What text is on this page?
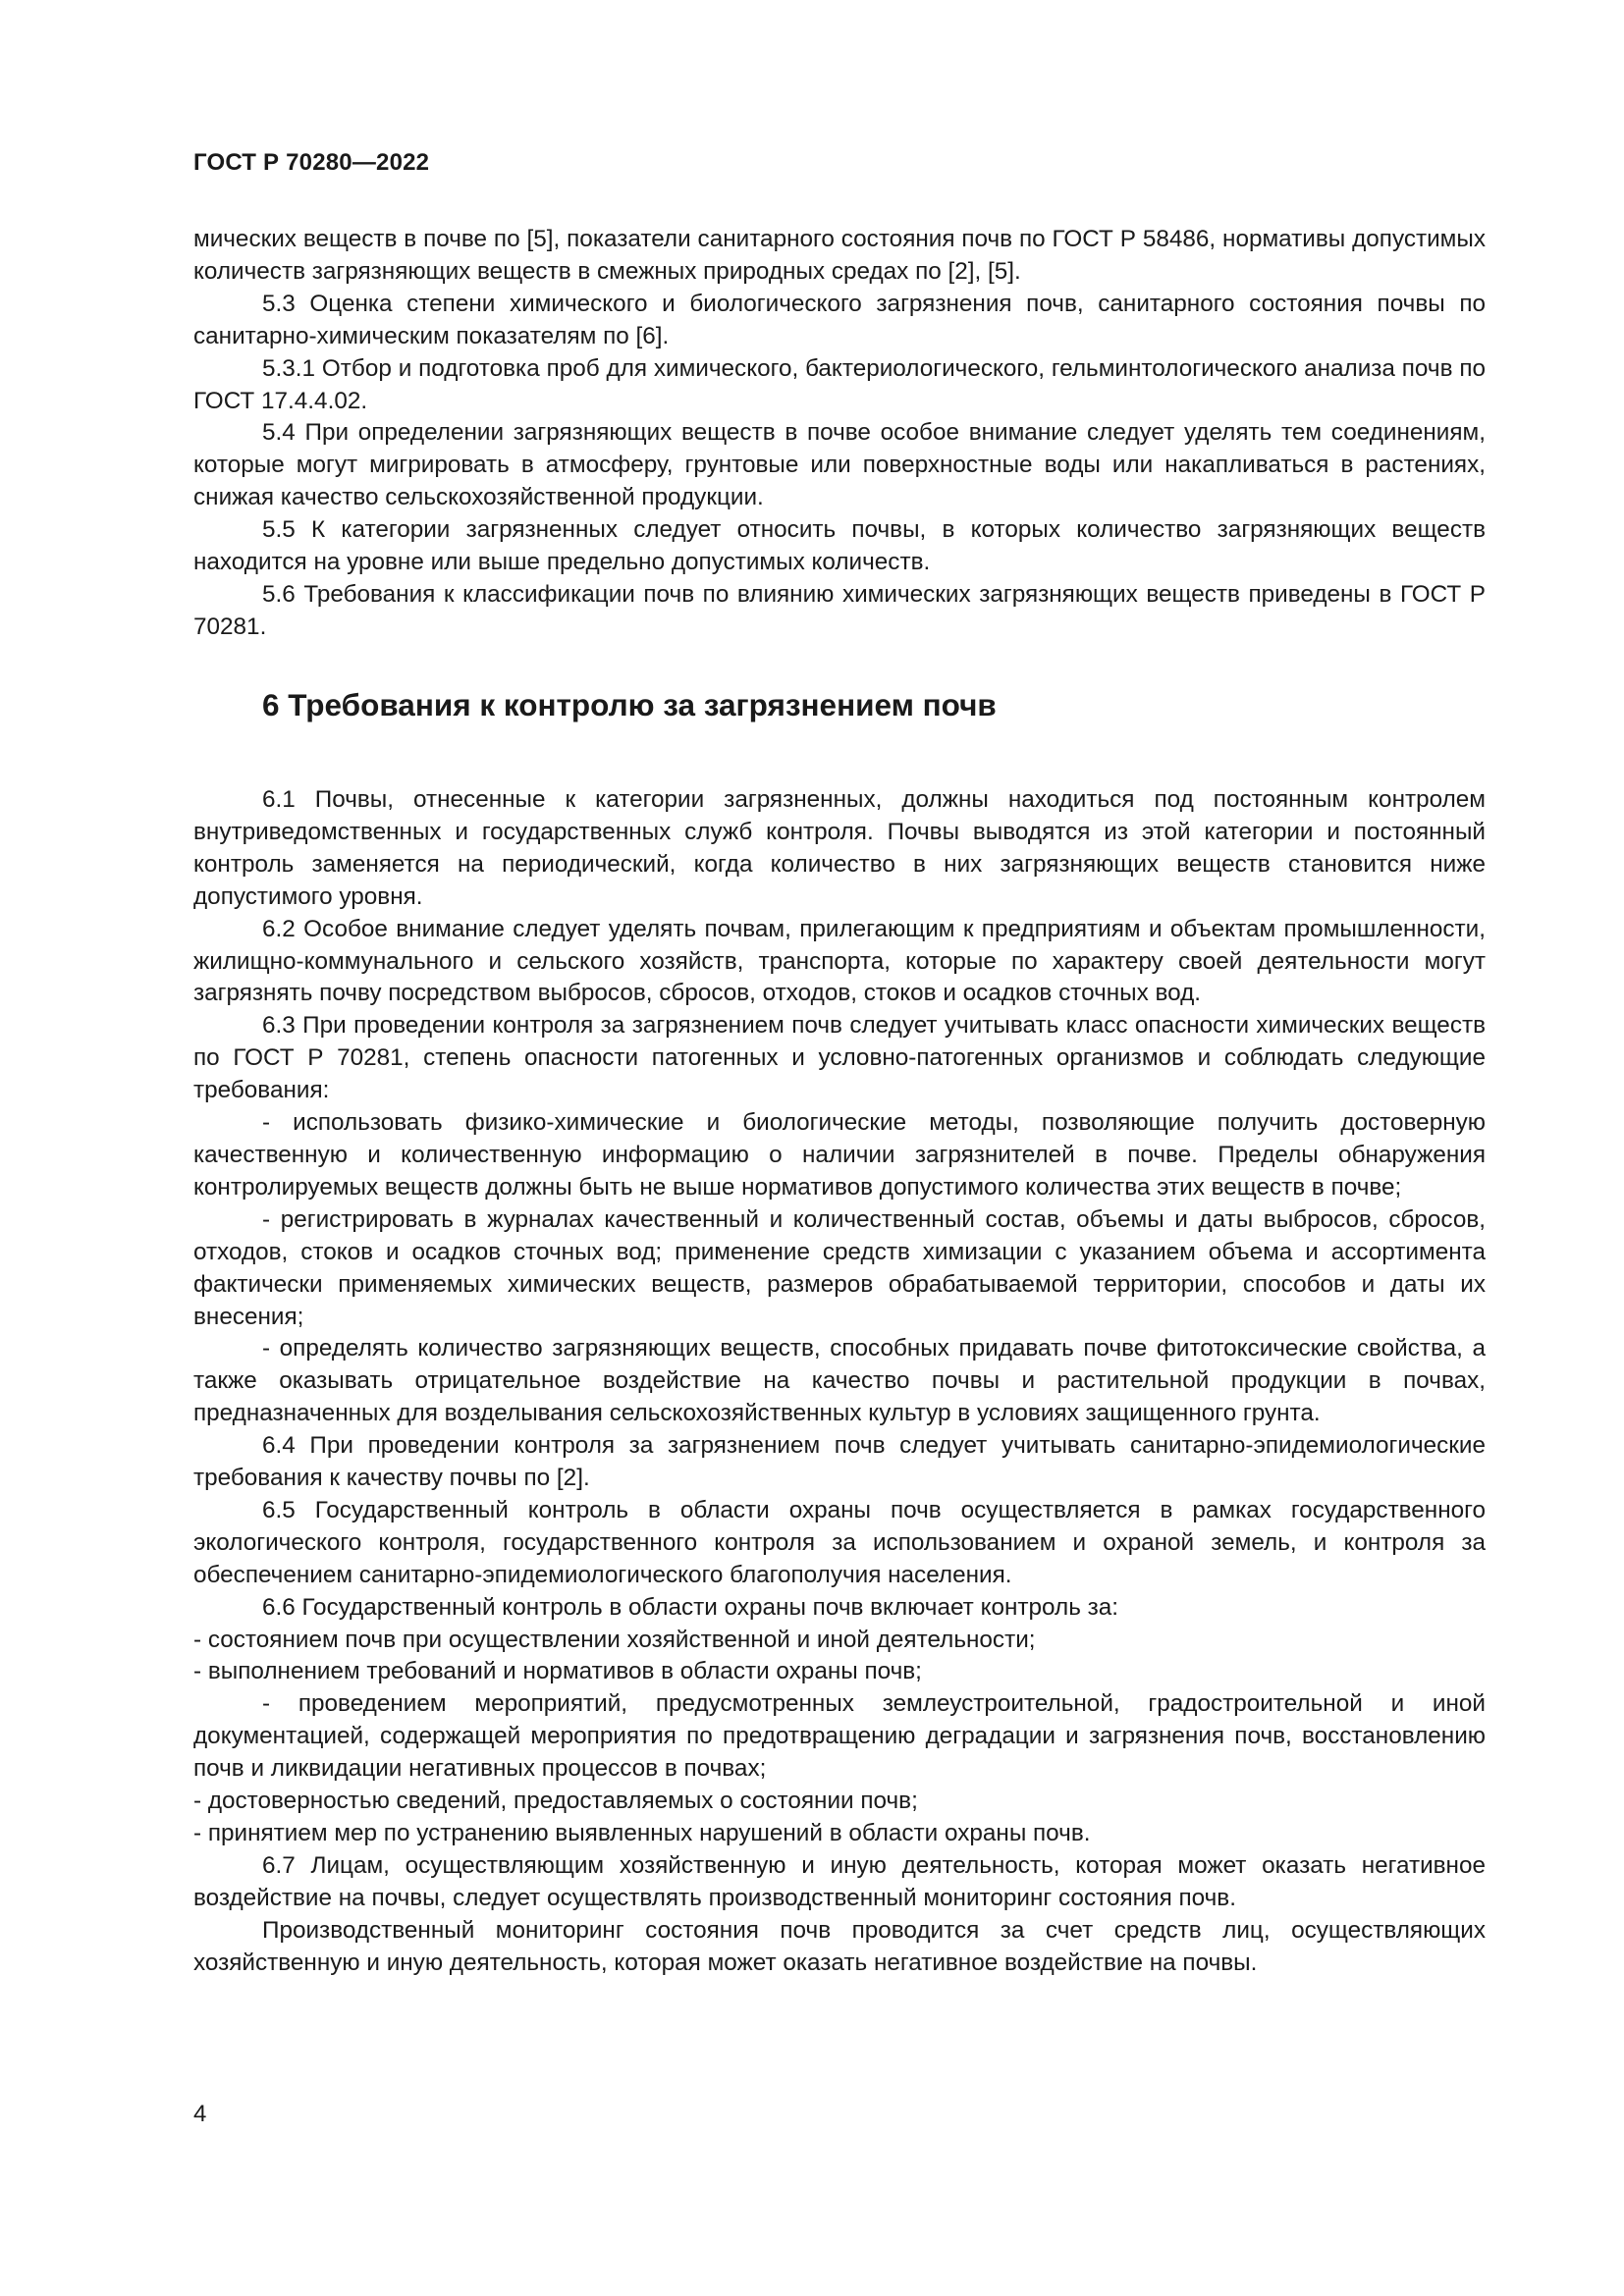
ГОСТ Р 70280—2022

мических веществ в почве по [5], показатели санитарного состояния почв по ГОСТ Р 58486, нормативы допустимых количеств загрязняющих веществ в смежных природных средах по [2], [5].

5.3 Оценка степени химического и биологического загрязнения почв, санитарного состояния почвы по санитарно-химическим показателям по [6].

5.3.1 Отбор и подготовка проб для химического, бактериологического, гельминтологического анализа почв по ГОСТ 17.4.4.02.

5.4 При определении загрязняющих веществ в почве особое внимание следует уделять тем соединениям, которые могут мигрировать в атмосферу, грунтовые или поверхностные воды или накапливаться в растениях, снижая качество сельскохозяйственной продукции.

5.5 К категории загрязненных следует относить почвы, в которых количество загрязняющих веществ находится на уровне или выше предельно допустимых количеств.

5.6 Требования к классификации почв по влиянию химических загрязняющих веществ приведены в ГОСТ Р 70281.

6 Требования к контролю за загрязнением почв

6.1 Почвы, отнесенные к категории загрязненных, должны находиться под постоянным контролем внутриведомственных и государственных служб контроля. Почвы выводятся из этой категории и постоянный контроль заменяется на периодический, когда количество в них загрязняющих веществ становится ниже допустимого уровня.

6.2 Особое внимание следует уделять почвам, прилегающим к предприятиям и объектам промышленности, жилищно-коммунального и сельского хозяйств, транспорта, которые по характеру своей деятельности могут загрязнять почву посредством выбросов, сбросов, отходов, стоков и осадков сточных вод.

6.3 При проведении контроля за загрязнением почв следует учитывать класс опасности химических веществ по ГОСТ Р 70281, степень опасности патогенных и условно-патогенных организмов и соблюдать следующие требования:

- использовать физико-химические и биологические методы, позволяющие получить достоверную качественную и количественную информацию о наличии загрязнителей в почве. Пределы обнаружения контролируемых веществ должны быть не выше нормативов допустимого количества этих веществ в почве;

- регистрировать в журналах качественный и количественный состав, объемы и даты выбросов, сбросов, отходов, стоков и осадков сточных вод; применение средств химизации с указанием объема и ассортимента фактически применяемых химических веществ, размеров обрабатываемой территории, способов и даты их внесения;

- определять количество загрязняющих веществ, способных придавать почве фитотоксические свойства, а также оказывать отрицательное воздействие на качество почвы и растительной продукции в почвах, предназначенных для возделывания сельскохозяйственных культур в условиях защищенного грунта.

6.4 При проведении контроля за загрязнением почв следует учитывать санитарно-эпидемиологические требования к качеству почвы по [2].

6.5 Государственный контроль в области охраны почв осуществляется в рамках государственного экологического контроля, государственного контроля за использованием и охраной земель, и контроля за обеспечением санитарно-эпидемиологического благополучия населения.

6.6 Государственный контроль в области охраны почв включает контроль за:

- состоянием почв при осуществлении хозяйственной и иной деятельности;

- выполнением требований и нормативов в области охраны почв;

- проведением мероприятий, предусмотренных землеустроительной, градостроительной и иной документацией, содержащей мероприятия по предотвращению деградации и загрязнения почв, восстановлению почв и ликвидации негативных процессов в почвах;

- достоверностью сведений, предоставляемых о состоянии почв;

- принятием мер по устранению выявленных нарушений в области охраны почв.

6.7 Лицам, осуществляющим хозяйственную и иную деятельность, которая может оказать негативное воздействие на почвы, следует осуществлять производственный мониторинг состояния почв.

Производственный мониторинг состояния почв проводится за счет средств лиц, осуществляющих хозяйственную и иную деятельность, которая может оказать негативное воздействие на почвы.

4
